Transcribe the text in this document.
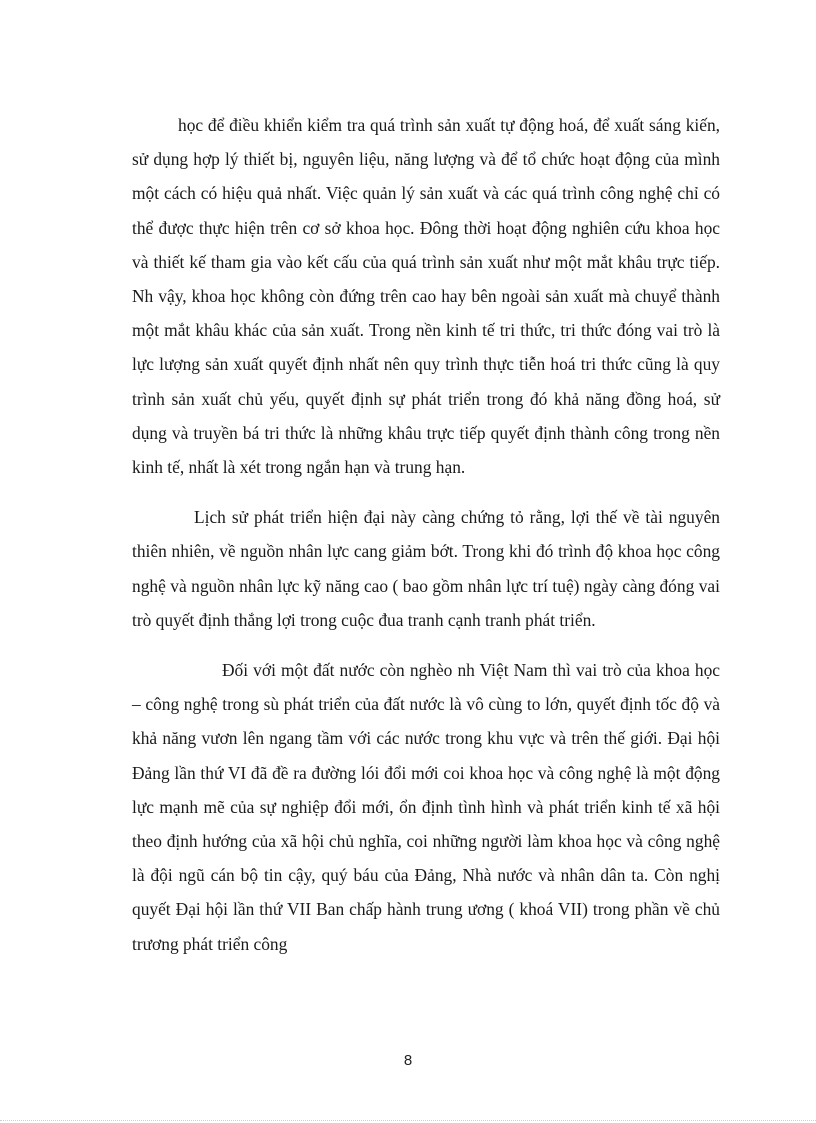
học để điều khiển kiểm tra quá trình sản xuất tự động hoá, để xuất sáng kiến, sử dụng hợp lý thiết bị, nguyên liệu, năng lượng và để tổ chức hoạt động của mình một cách có hiệu quả nhất. Việc quản lý sản xuất và các quá trình công nghệ chỉ có thể được thực hiện trên cơ sở khoa học. Đông thời hoạt động nghiên cứu khoa học và thiết kế tham gia vào kết cấu của quá trình sản xuất như một mắt khâu trực tiếp. Nh vậy, khoa học không còn đứng trên cao hay bên ngoài sản xuất mà chuyể thành một mắt khâu khác của sản xuất. Trong nền kinh tế tri thức, tri thức đóng vai trò là lực lượng sản xuất quyết định nhất nên quy trình thực tiễn hoá tri thức cũng là quy trình sản xuất chủ yếu, quyết định sự phát triển trong đó khả năng đồng hoá, sử dụng và truyền bá tri thức là những khâu trực tiếp quyết định thành công trong nền kinh tế, nhất là xét trong ngắn hạn và trung hạn.

Lịch sử phát triển hiện đại này càng chứng tỏ rằng, lợi thế về tài nguyên thiên nhiên, về nguồn nhân lực cang giảm bớt. Trong khi đó trình độ khoa học công nghệ và nguồn nhân lực kỹ năng cao ( bao gồm nhân lực trí tuệ) ngày càng đóng vai trò quyết định thắng lợi trong cuộc đua tranh cạnh tranh phát triển.

Đối với một đất nước còn nghèo nh Việt Nam thì vai trò của khoa học – công nghệ trong sù phát triển của đất nước là vô cùng to lớn, quyết định tốc độ và khả năng vươn lên ngang tầm với các nước trong khu vực và trên thế giới. Đại hội Đảng lần thứ VI đã đề ra đường lói đổi mới coi khoa học và công nghệ là một động lực mạnh mẽ của sự nghiệp đổi mới, ổn định tình hình và phát triển kinh tế xã hội theo định hướng của xã hội chủ nghĩa, coi những người làm khoa học và công nghệ là đội ngũ cán bộ tin cậy, quý báu của Đảng, Nhà nước và nhân dân ta. Còn nghị quyết Đại hội lần thứ VII Ban chấp hành trung ương ( khoá VII) trong phần về chủ trương phát triển công

8
